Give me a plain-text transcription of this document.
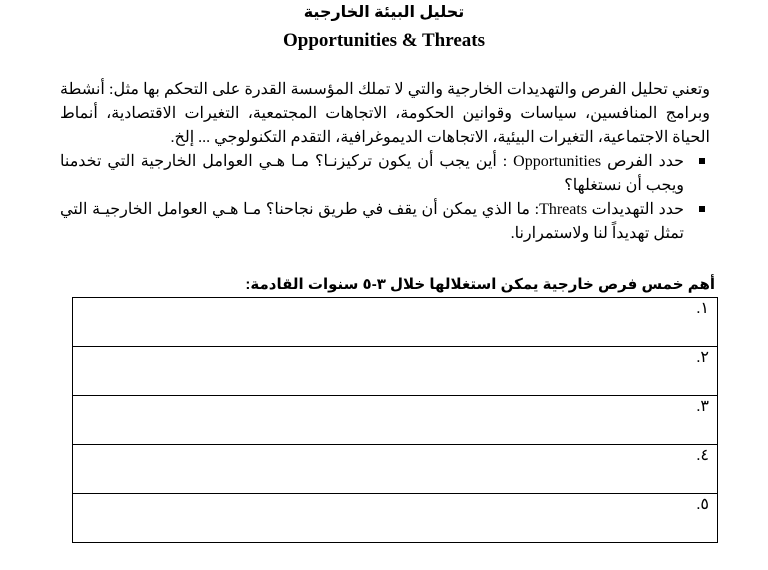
تحليل البيئة الخارجية
Opportunities & Threats
وتعني تحليل الفرص والتهديدات الخارجية والتي لا تملك المؤسسة القدرة على التحكم بها مثل: أنشطة وبرامج المنافسين، سياسات وقوانين الحكومة، الاتجاهات المجتمعية، التغيرات الاقتصادية، أنماط الحياة الاجتماعية، التغيرات البيئية، الاتجاهات الديموغرافية، التقدم التكنولوجي ... إلخ.
حدد الفرص Opportunities : أين يجب أن يكون تركيزنـا؟ مـا هـي العوامل الخارجية التي تخدمنا ويجب أن نستغلها؟
حدد التهديدات Threats: ما الذي يمكن أن يقف في طريق نجاحنا؟ مـا هـي العوامل الخارجيـة التي تمثل تهديداً لنا ولاستمرارنا.
أهم خمس فرص خارجية يمكن استغلالها خلال ٣-٥ سنوات القادمة:
١.
٢.
٣.
٤.
٥.
